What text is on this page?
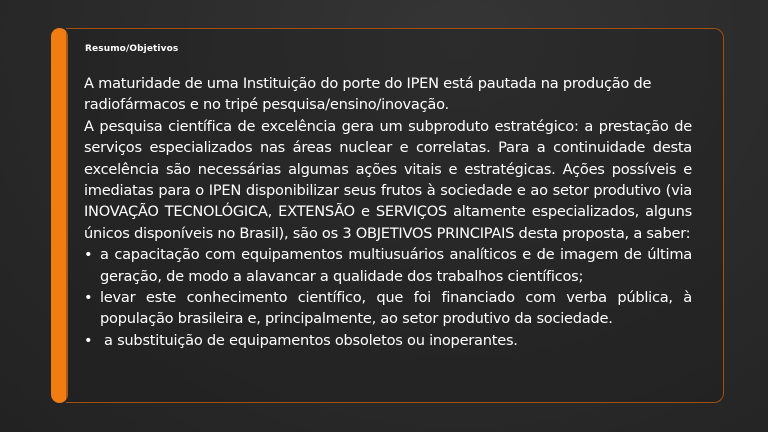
Resumo/Objetivos

A maturidade de uma Instituição do porte do IPEN está pautada na produção de radiofármacos e no tripé pesquisa/ensino/inovação.

A pesquisa científica de excelência gera um subproduto estratégico: a prestação de serviços especializados nas áreas nuclear e correlatas. Para a continuidade desta excelência são necessárias algumas ações vitais e estratégicas. Ações possíveis e imediatas para o IPEN disponibilizar seus frutos à sociedade e ao setor produtivo (via INOVAÇÃO TECNOLÓGICA, EXTENSÃO e SERVIÇOS altamente especializados, alguns únicos disponíveis no Brasil), são os 3 OBJETIVOS PRINCIPAIS desta proposta, a saber:

• a capacitação com equipamentos multiusuários analíticos e de imagem de última geração, de modo a alavancar a qualidade dos trabalhos científicos;
• levar este conhecimento científico, que foi financiado com verba pública, à população brasileira e, principalmente, ao setor produtivo da sociedade.
• a substituição de equipamentos obsoletos ou inoperantes.
